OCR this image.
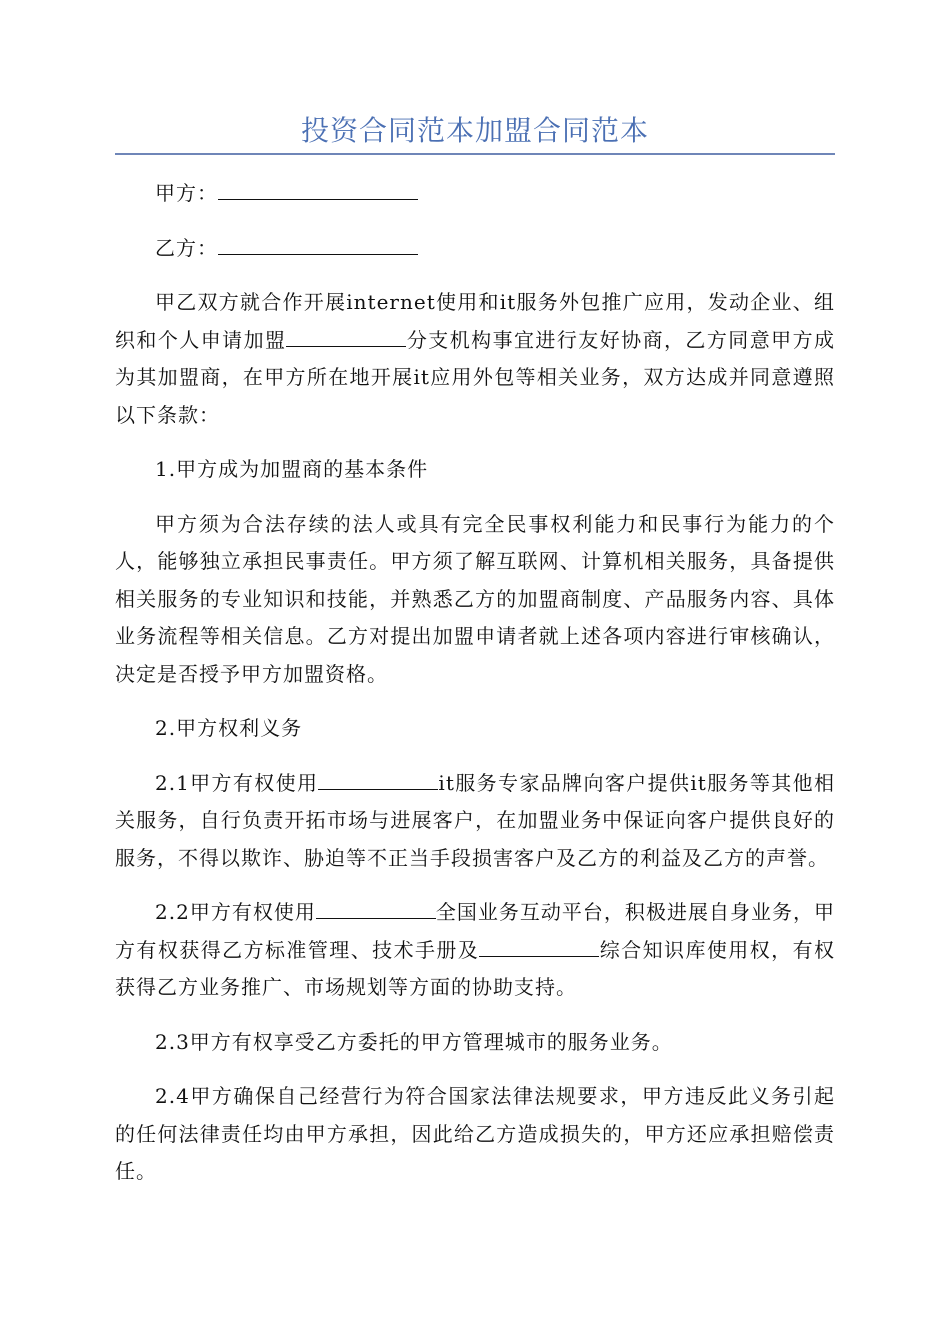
投资合同范本加盟合同范本

甲方：

乙方：

甲乙双方就合作开展internet使用和it服务外包推广应用，发动企业、组织和个人申请加盟	分支机构事宜进行友好协商，乙方同意甲方成为其加盟商，在甲方所在地开展it应用外包等相关业务，双方达成并同意遵照以下条款：

1.甲方成为加盟商的基本条件

甲方须为合法存续的法人或具有完全民事权利能力和民事行为能力的个人，能够独立承担民事责任。甲方须了解互联网、计算机相关服务，具备提供相关服务的专业知识和技能，并熟悉乙方的加盟商制度、产品服务内容、具体业务流程等相关信息。乙方对提出加盟申请者就上述各项内容进行审核确认，决定是否授予甲方加盟资格。

2.甲方权利义务

2.1甲方有权使用	it服务专家品牌向客户提供it服务等其他相关服务，自行负责开拓市场与进展客户，在加盟业务中保证向客户提供良好的服务，不得以欺诈、胁迫等不正当手段损害客户及乙方的利益及乙方的声誉。

2.2甲方有权使用	全国业务互动平台，积极进展自身业务，甲方有权获得乙方标准管理、技术手册及	综合知识库使用权，有权获得乙方业务推广、市场规划等方面的协助支持。

2.3甲方有权享受乙方委托的甲方管理城市的服务业务。

2.4甲方确保自己经营行为符合国家法律法规要求，甲方违反此义务引起的任何法律责任均由甲方承担，因此给乙方造成损失的，甲方还应承担赔偿责任。
